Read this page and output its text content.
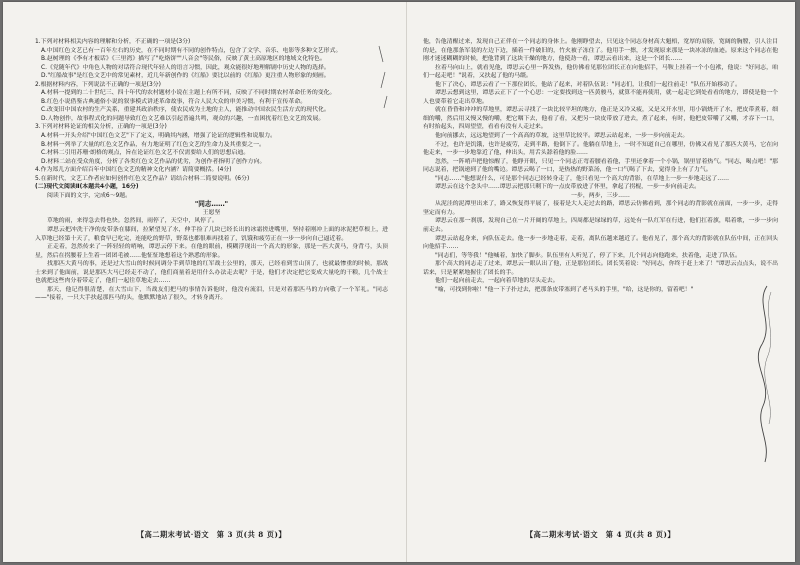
1.下列对材料相关内容的理解和分析，不正确的一项是(3分)

A.中国红色文艺已有一百年左右的历史，在不同时期有不同的创作特点，包含了文学、音乐、电影等多种文艺形式。

B.赵树理的《李有才板话》《三里湾》描写了"吃烙饼""八音会"等民俗，反映了黄土高原地区的地域文化特色。

C.《党随年代》中角色人物的对话符合现代年轻人的语言习惯，因此，观众能很好地理解剧中历史人物的选择。

D."红船故事"是红色文艺中的常见素材，近几年新创作的《红船》要比以前的《红船》更注重人物形象的刻画。

2.根据材料内容，下列说法不正确的一项是(3分)

A.材料一提到的二十世纪三、四十年代的农村题材小说在主题上有所不同，反映了不同时期农村革命任务的变化。

B.红色小说借鉴古典通俗小说的叙事模式讲述革命故事，符合人民大众的审美习惯，有利于宣传革命。

C.改变旧中国农村的生产关系，重建其政治秩序，使农民成为土地的主人，能推动中国农民生活方式的现代化。

D.人物创作，故事程式化的问题导致红色文艺难以引起普遍共鸣，观众的兴趣，一直困扰着红色文艺的发展。

3.下列对材料论证的相关分析，正确的一项是(3分)

A.材料一开头介绍"中国红色文艺"下了定义，明确其内涵，增强了论证的逻辑性和说服力。

B.材料一列举了大量的红色文艺作品，有力地证明了红色文艺的生命力及其重要之一。

C.材料二引用苏珊·朗格的观点，旨在论证红色文艺不仅需要给人们的思想启迪。

D.材料二站在受众角度，分析了各类红色文艺作品的优劣，为创作者指明了创作方向。

4.作为郑儿方面介绍百年中国红色文艺的精神文化内涵？请简要概括。(4分)

5.在新时代，文艺工作者应如何创作红色文艺作品？请结合材料二简要说明。(6分)

(二)现代文阅读Ⅱ(本题共4小题，16分)

阅读下面的文字，完成6～9题。

"同志……"

王愿坚

草地的雨，来得急去得也快。忽然间，雨停了，天空中，风停了。

谭思云把冲洗干净的皮带条在膝间，拉紧望见了水，伸手捡了几块已经长出的冰霜搓进嘴里，坚持着刚冲上面的冰泥把草根上，进入草地已经第十天了，粮食早已吃完，连能吃的野草，野菜也都很难再找着了，饥饿和疲劳正在一步一步向自己逼近着。

正走着，忽然传来了一阵轻轻的哨响，谭思云停下来。在他的眼前，模糊浮现出一个高大的形象，那是一匹大黄马，身背弓，头顶星，然后在拐腰着上生着一团团毛被……他怔怔地想着这个熟悉的形象。

找那匹大黄马的事，还是过大雪山的时候同调分手到草地的红军战士公里的，那天，已经看到雪山顶了，也就最惨重的时候，那战士来到了他面前，说是那匹大马已经走不动了，他们商量着是用什么办法走去呢？于是，他们才决定把它变成大量吃的干粮，几个战士也就把这些肉分着带走了，他们一起往草地走去……

那天，他记得很清楚，在大雪山下，当战友们把马的事情告诉他时，他没有流泪，只是对着那匹马的方向敬了一个军礼。"同志——"接着，一只大手扶起那匹马的头，他默默地站了很久，才转身离开。

【高二期末考试·语文　第 3 页(共 8 页)】

他，告他清醒过来，发现自己正伴在一个同志的身体上。他刚睁望去，只见这个同志身材高大魁梧，宽厚的肩膀，宽阔的胸膛，引人注目的是，在他那条军装的左边下边，插着一件破旧的，竹火被子冻住了。他用手一擦，才发现原来那是一块冰冻的血迹。原来这个同志在他刚才迷迷糊糊的时候，把他背到了这块干燥的地方，他使劲一看，谭思云看出来，这是一个团长……

拉着马向山上，就看见他，谭思云心里一阵发热，他仿佛看见那位团长正在向他招手，马鞍上挂着一个小包袱，他说："好同志，咱们一起走吧！"说着，又扶起了他的马缰。

他下了决心，谭思云看了一下那位团长，他站了起来，对着队伍说："同志们，让我们一起往前走！"队伍开始移动了。

谭思云想到这里，谭思云正下了一个心思：一定要找到这一匹黄骏马，就算不能再使用，就一起走它到处看看的地方，即使是他一个人也要带着它走出草地。

就在昏昏和冲冲的草地里，谭思云寻找了一块比较平坦的地方，他正是又冷又疲，又是又开水里，用小锅烧开了水，把皮带煮着，细细的嚼，然后用又慢又慢的嚼，把它咽下去，他看了看，又把另一块皮带放了进去，煮了起来，有时，他把皮带嚼了又嚼，才吞下一口，有时抬起头，四周望望，看看有没有人走过来。

他向前挪去，远远地望到了一个高高的草坡，这里草比较平。谭思云站起来，一步一步向前走去。

不过，也许是饥饿，也许是疲劳，走到半路，他倒下了。他躺在草地上，一时不知道自己在哪里，仿佛又看见了那匹大黄马，它在向他走来，一步一步地靠近了他，伸出头，用舌头舔着他的脸……

忽然，一阵哨声把他惊醒了，他睁开眼，只见一个同志正弯着腰看着他，手里还拿着一个小锅，锅里冒着热气。"同志，喝点吧！"那同志说着，把锅递到了他的嘴边。谭思云喝了一口，是热热的野菜汤，他一口气喝了下去，觉得身上有了力气。

"同志……"他想说什么，可是那个同志已经转身走了，他只看见一个高大的背影，在草地上一步一步地走远了……

谭思云在这个念头中……谭思云把那只剩下的一点皮带放进了怀里，拿起了拐棍，一步一步向前走去。

一步，两步，三步……

从泥洼的泥潭里出来了，路又恢复得平展了，接着是大人走过去的路，谭思云仿佛看到，那个同志的背影就在前面，一步一步，走得坚定而有力。

谭思云在那一刹那，发现自己在一片开阔的草地上，四周都是绿绿的草，远处有一队红军在行进，他们扛着旗，唱着歌，一步一步向前走去。

谭思云站起身来，向队伍走去。他一步一步地走着，走着，离队伍越来越近了。他看见了，那个高大的背影就在队伍中间，正在回头向他招手……

"同志们，等等我！"他喊着，加快了脚步。队伍里有人听见了，停了下来，几个同志向他跑来，扶着他，走进了队伍。

那个高大的同志走了过来，谭思云一眼认出了他，正是那位团长。团长笑着说："好同志，你终于赶上来了！"谭思云点点头，说不出话来，只是紧紧地握住了团长的手。

他们一起向前走去，一起向着草地的尽头走去。

"喻，可找到你啦！"他一下子扑过去，把那条皮带塞到了老马头的手里，"给，这是你的，留着吧！"

【高二期末考试·语文　第 4 页(共 8 页)】
